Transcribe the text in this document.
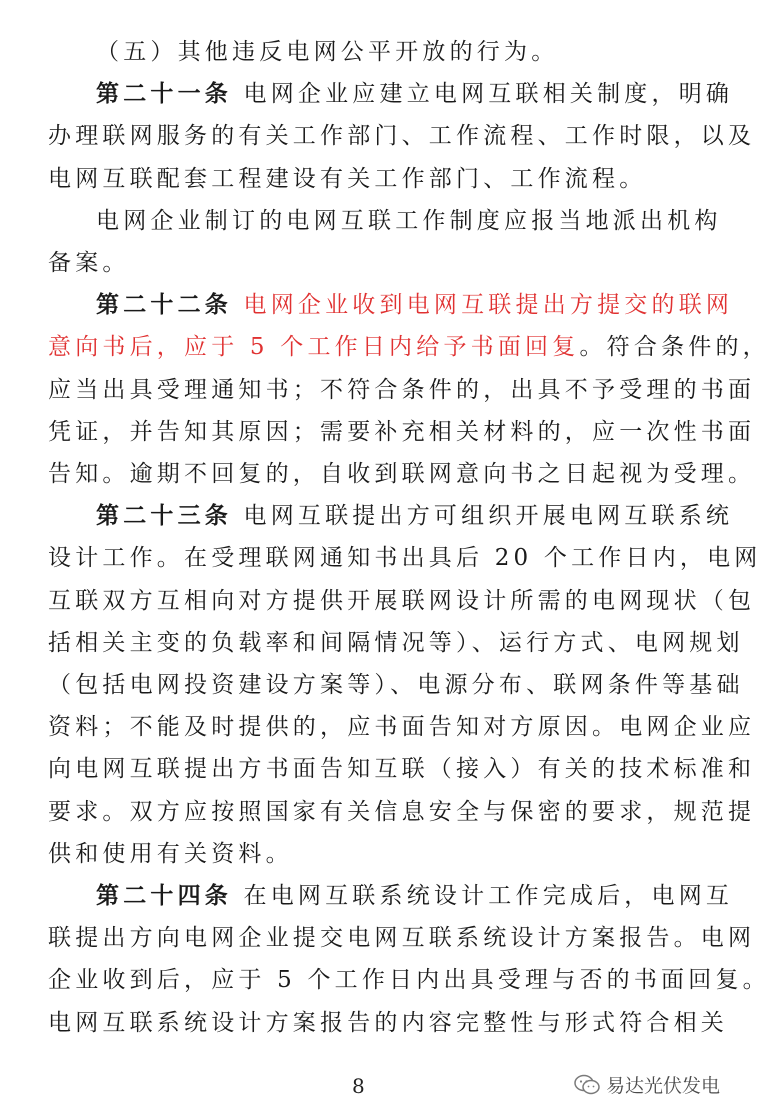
（五）其他违反电网公平开放的行为。
第二十一条 电网企业应建立电网互联相关制度，明确
办理联网服务的有关工作部门、工作流程、工作时限，以及
电网互联配套工程建设有关工作部门、工作流程。
电网企业制订的电网互联工作制度应报当地派出机构
备案。
第二十二条 电网企业收到电网互联提出方提交的联网
意向书后，应于 5 个工作日内给予书面回复。符合条件的，
应当出具受理通知书；不符合条件的，出具不予受理的书面
凭证，并告知其原因；需要补充相关材料的，应一次性书面
告知。逾期不回复的，自收到联网意向书之日起视为受理。
第二十三条 电网互联提出方可组织开展电网互联系统
设计工作。在受理联网通知书出具后 20 个工作日内，电网
互联双方互相向对方提供开展联网设计所需的电网现状（包
括相关主变的负载率和间隔情况等）、运行方式、电网规划
（包括电网投资建设方案等）、电源分布、联网条件等基础
资料；不能及时提供的，应书面告知对方原因。电网企业应
向电网互联提出方书面告知互联（接入）有关的技术标准和
要求。双方应按照国家有关信息安全与保密的要求，规范提
供和使用有关资料。
第二十四条 在电网互联系统设计工作完成后，电网互
联提出方向电网企业提交电网互联系统设计方案报告。电网
企业收到后，应于 5 个工作日内出具受理与否的书面回复。
电网互联系统设计方案报告的内容完整性与形式符合相关
8	易达光伏发电
